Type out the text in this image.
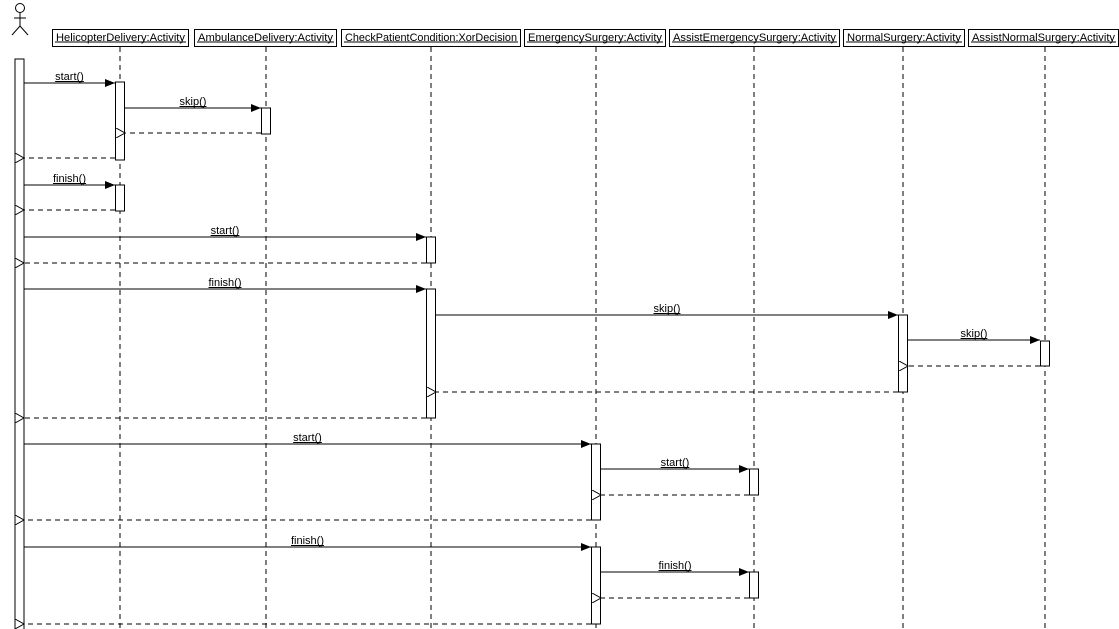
HelicopterDelivery:Activity AmbulanceDelivery:Activity CheckPatientCondition:XorDecision EmergencySurgery:Activity AssistEmergencySurgery:Activity NormalSurgery:Activity AssistNormalSurgery:Activity
start()
skip()
finish()
start()
finish()
skip()
skip()
start()
start()
finish()
finish()
